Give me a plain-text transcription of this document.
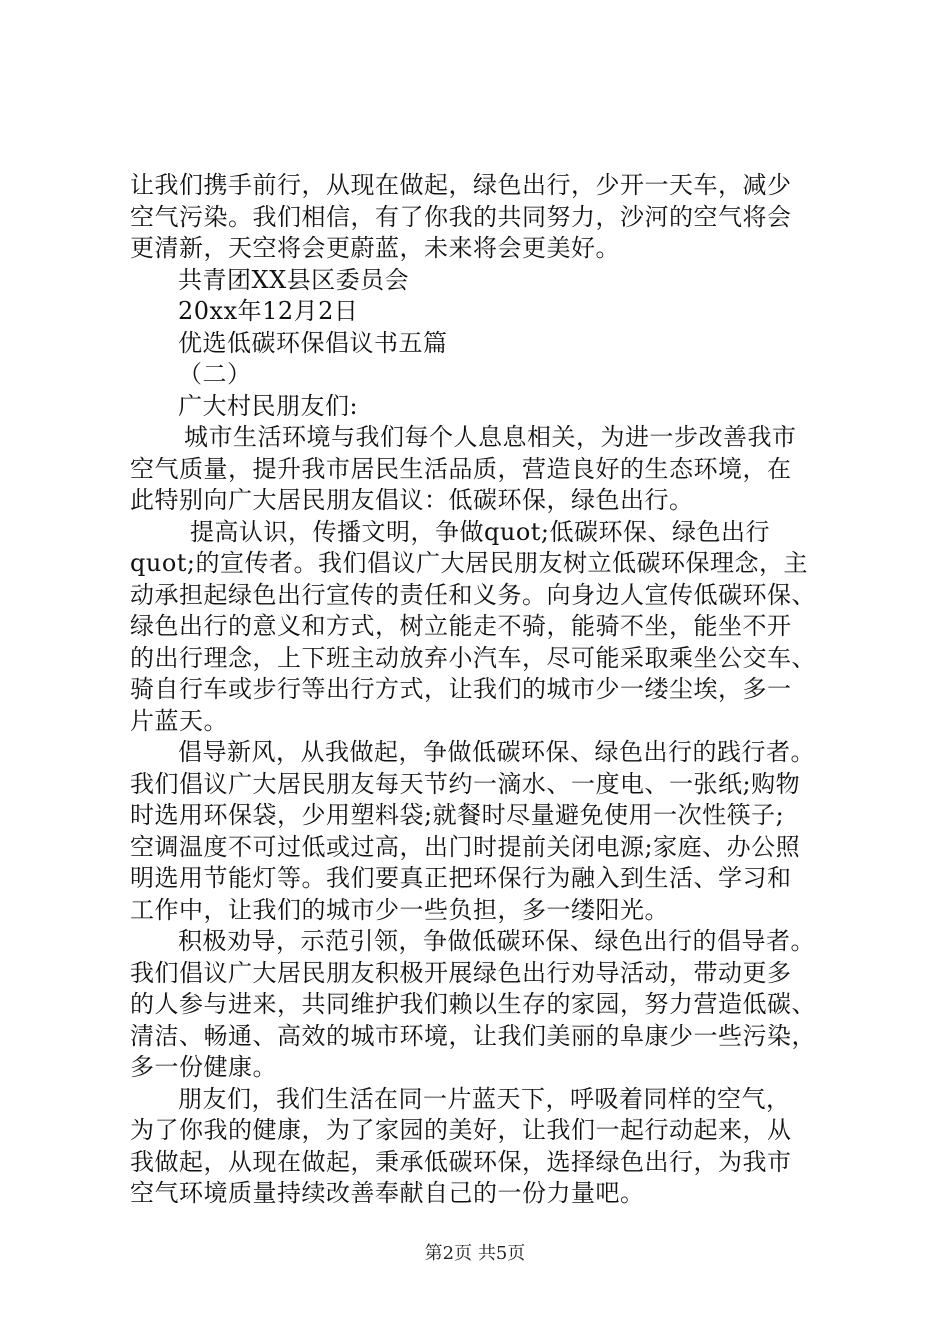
让我们携手前行，从现在做起，绿色出行，少开一天车，减少
空气污染。我们相信，有了你我的共同努力，沙河的空气将会
更清新，天空将会更蔚蓝，未来将会更美好。
共青团XX县区委员会
20xx年12月2日
优选低碳环保倡议书五篇
（二）
广大村民朋友们:
城市生活环境与我们每个人息息相关，为进一步改善我市
空气质量，提升我市居民生活品质，营造良好的生态环境，在
此特别向广大居民朋友倡议：低碳环保，绿色出行。
提高认识，传播文明，争做quot;低碳环保、绿色出行
quot;的宣传者。我们倡议广大居民朋友树立低碳环保理念，主
动承担起绿色出行宣传的责任和义务。向身边人宣传低碳环保、
绿色出行的意义和方式，树立能走不骑，能骑不坐，能坐不开
的出行理念，上下班主动放弃小汽车，尽可能采取乘坐公交车、
骑自行车或步行等出行方式，让我们的城市少一缕尘埃，多一
片蓝天。
倡导新风，从我做起，争做低碳环保、绿色出行的践行者。
我们倡议广大居民朋友每天节约一滴水、一度电、一张纸;购物
时选用环保袋，少用塑料袋;就餐时尽量避免使用一次性筷子;
空调温度不可过低或过高，出门时提前关闭电源;家庭、办公照
明选用节能灯等。我们要真正把环保行为融入到生活、学习和
工作中，让我们的城市少一些负担，多一缕阳光。
积极劝导，示范引领，争做低碳环保、绿色出行的倡导者。
我们倡议广大居民朋友积极开展绿色出行劝导活动，带动更多
的人参与进来，共同维护我们赖以生存的家园，努力营造低碳、
清洁、畅通、高效的城市环境，让我们美丽的阜康少一些污染，
多一份健康。
朋友们，我们生活在同一片蓝天下，呼吸着同样的空气，
为了你我的健康，为了家园的美好，让我们一起行动起来，从
我做起，从现在做起，秉承低碳环保，选择绿色出行，为我市
空气环境质量持续改善奉献自己的一份力量吧。
第2页 共5页
